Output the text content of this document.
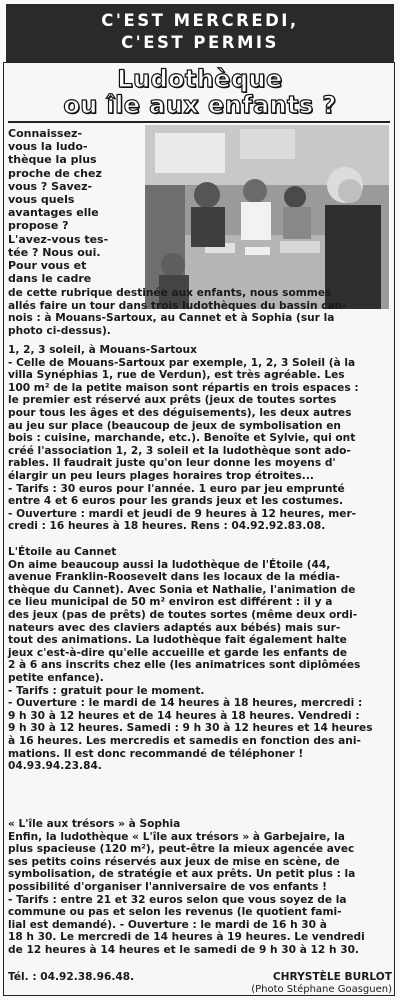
C'EST MERCREDI,
C'EST PERMIS
Ludothèque
ou île aux enfants ?
Connaissez-
vous la ludo-
thèque la plus
proche de chez
vous ? Savez-
vous quels
avantages elle
propose ?
L'avez-vous tes-
tée ? Nous oui.
Pour vous et
dans le cadre
de cette rubrique destinée aux enfants, nous sommes
allés faire un tour dans trois ludothèques du bassin can-
nois : à Mouans-Sartoux, au Cannet et à Sophia (sur la
photo ci-dessus).
1, 2, 3 soleil, à Mouans-Sartoux
- Celle de Mouans-Sartoux par exemple, 1, 2, 3 Soleil (à la
villa Synéphias 1, rue de Verdun), est très agréable. Les
100 m² de la petite maison sont répartis en trois espaces :
le premier est réservé aux prêts (jeux de toutes sortes
pour tous les âges et des déguisements), les deux autres
au jeu sur place (beaucoup de jeux de symbolisation en
bois : cuisine, marchande, etc.). Benoîte et Sylvie, qui ont
créé l'association 1, 2, 3 soleil et la ludothèque sont ado-
rables. Il faudrait juste qu'on leur donne les moyens d'
élargir un peu leurs plages horaires trop étroites...
- Tarifs : 30 euros pour l'année. 1 euro par jeu emprunté
entre 4 et 6 euros pour les grands jeux et les costumes.
- Ouverture : mardi et jeudi de 9 heures à 12 heures, mer-
credi : 16 heures à 18 heures. Rens : 04.92.92.83.08.
L'Étoile au Cannet
On aime beaucoup aussi la ludothèque de l'Étoile (44,
avenue Franklin-Roosevelt dans les locaux de la média-
thèque du Cannet). Avec Sonia et Nathalie, l'animation de
ce lieu municipal de 50 m² environ est différent : il y a
des jeux (pas de prêts) de toutes sortes (même deux ordi-
nateurs avec des claviers adaptés aux bébés) mais sur-
tout des animations. La ludothèque fait également halte
jeux c'est-à-dire qu'elle accueille et garde les enfants de
2 à 6 ans inscrits chez elle (les animatrices sont diplômées
petite enfance).
- Tarifs : gratuit pour le moment.
- Ouverture : le mardi de 14 heures à 18 heures, mercredi :
9 h 30 à 12 heures et de 14 heures à 18 heures. Vendredi :
9 h 30 à 12 heures. Samedi : 9 h 30 à 12 heures et 14 heures
à 16 heures. Les mercredis et samedis en fonction des ani-
mations. Il est donc recommandé de téléphoner !
04.93.94.23.84.
« L'île aux trésors » à Sophia
Enfin, la ludothèque « L'île aux trésors » à Garbejaire, la
plus spacieuse (120 m²), peut-être la mieux agencée avec
ses petits coins réservés aux jeux de mise en scène, de
symbolisation, de stratégie et aux prêts. Un petit plus : la
possibilité d'organiser l'anniversaire de vos enfants !
- Tarifs : entre 21 et 32 euros selon que vous soyez de la
commune ou pas et selon les revenus (le quotient fami-
lial est demandé). - Ouverture : le mardi de 16 h 30 à
18 h 30. Le mercredi de 14 heures à 19 heures. Le vendredi
de 12 heures à 14 heures et le samedi de 9 h 30 à 12 h 30.
Tél. : 04.92.38.96.48.	CHRYSTÈLE BURLOT
(Photo Stéphane Goasguen)
